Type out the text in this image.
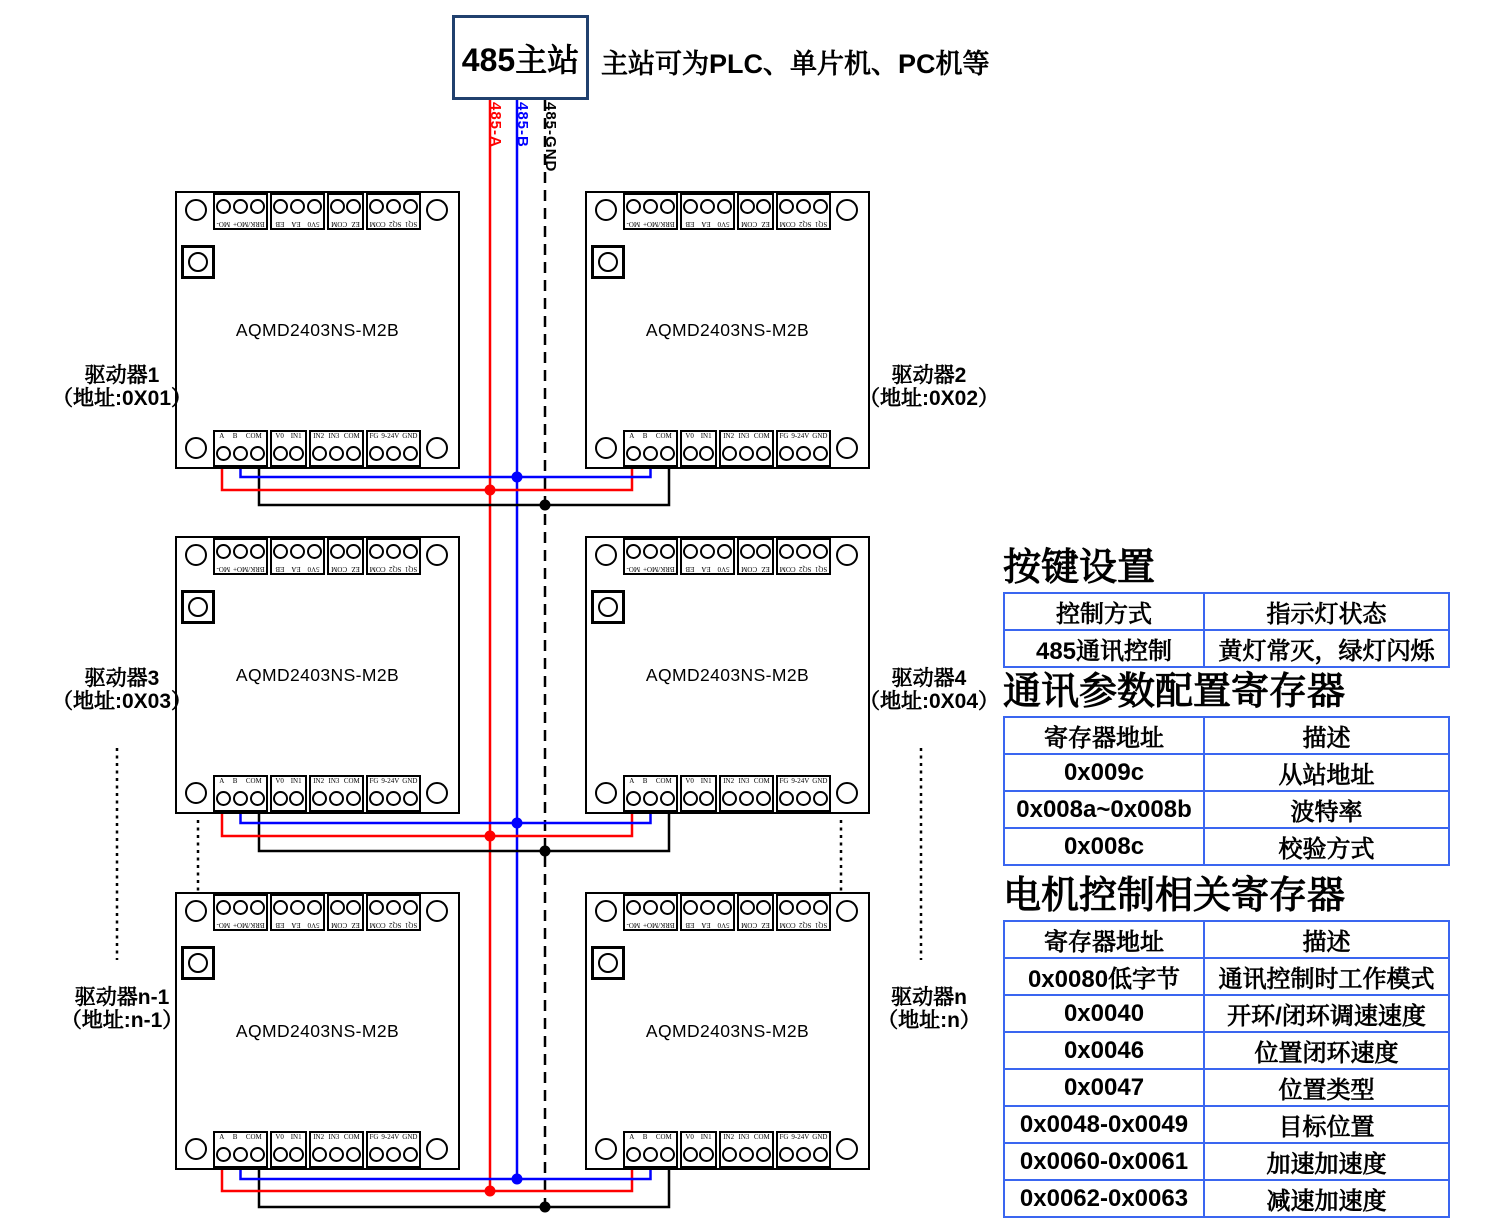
485主站 主站可为PLC、单片机、PC机等
SQ1
SQ2
COM
EZ
COM
5V0
EA
EB
BRK/MO+
MO-
AQMD2403NS-M2B
A B COM V0 IN1 IN2 IN3 COM FG 9-24V GND
驱动器1
（地址:0X01）
SQ1
SQ2
COM
EZ
COM
5V0
EA
EB
BRK/MO+
MO-
AQMD2403NS-M2B
A B COM V0 IN1 IN2 IN3 COM FG 9-24V GND
驱动器2
（地址:0X02）
SQ1
SQ2
COM
EZ
COM
5V0
EA
EB
BRK/MO+
MO-
AQMD2403NS-M2B
A B COM V0 IN1 IN2 IN3 COM FG 9-24V GND
驱动器3
（地址:0X03）
SQ1
SQ2
COM
EZ
COM
5V0
EA
EB
BRK/MO+
MO-
AQMD2403NS-M2B
A B COM V0 IN1 IN2 IN3 COM FG 9-24V GND
驱动器4
（地址:0X04）
SQ1
SQ2
COM
EZ
COM
5V0
EA
EB
BRK/MO+
MO-
AQMD2403NS-M2B
A B COM V0 IN1 IN2 IN3 COM FG 9-24V GND
驱动器n-1
（地址:n-1）
SQ1
SQ2
COM
EZ
COM
5V0
EA
EB
BRK/MO+
MO-
AQMD2403NS-M2B
A B COM V0 IN1 IN2 IN3 COM FG 9-24V GND
驱动器n
（地址:n）
485-A 485-B 485-GND
按键设置
控制方式	指示灯状态
485通讯控制	黄灯常灭，绿灯闪烁
通讯参数配置寄存器
寄存器地址	描述
0x009c	从站地址
0x008a~0x008b	波特率
0x008c	校验方式
电机控制相关寄存器
寄存器地址	描述
0x0080低字节	通讯控制时工作模式
0x0040	开环/闭环调速速度
0x0046	位置闭环速度
0x0047	位置类型
0x0048-0x0049	目标位置
0x0060-0x0061	加速加速度
0x0062-0x0063	减速加速度
